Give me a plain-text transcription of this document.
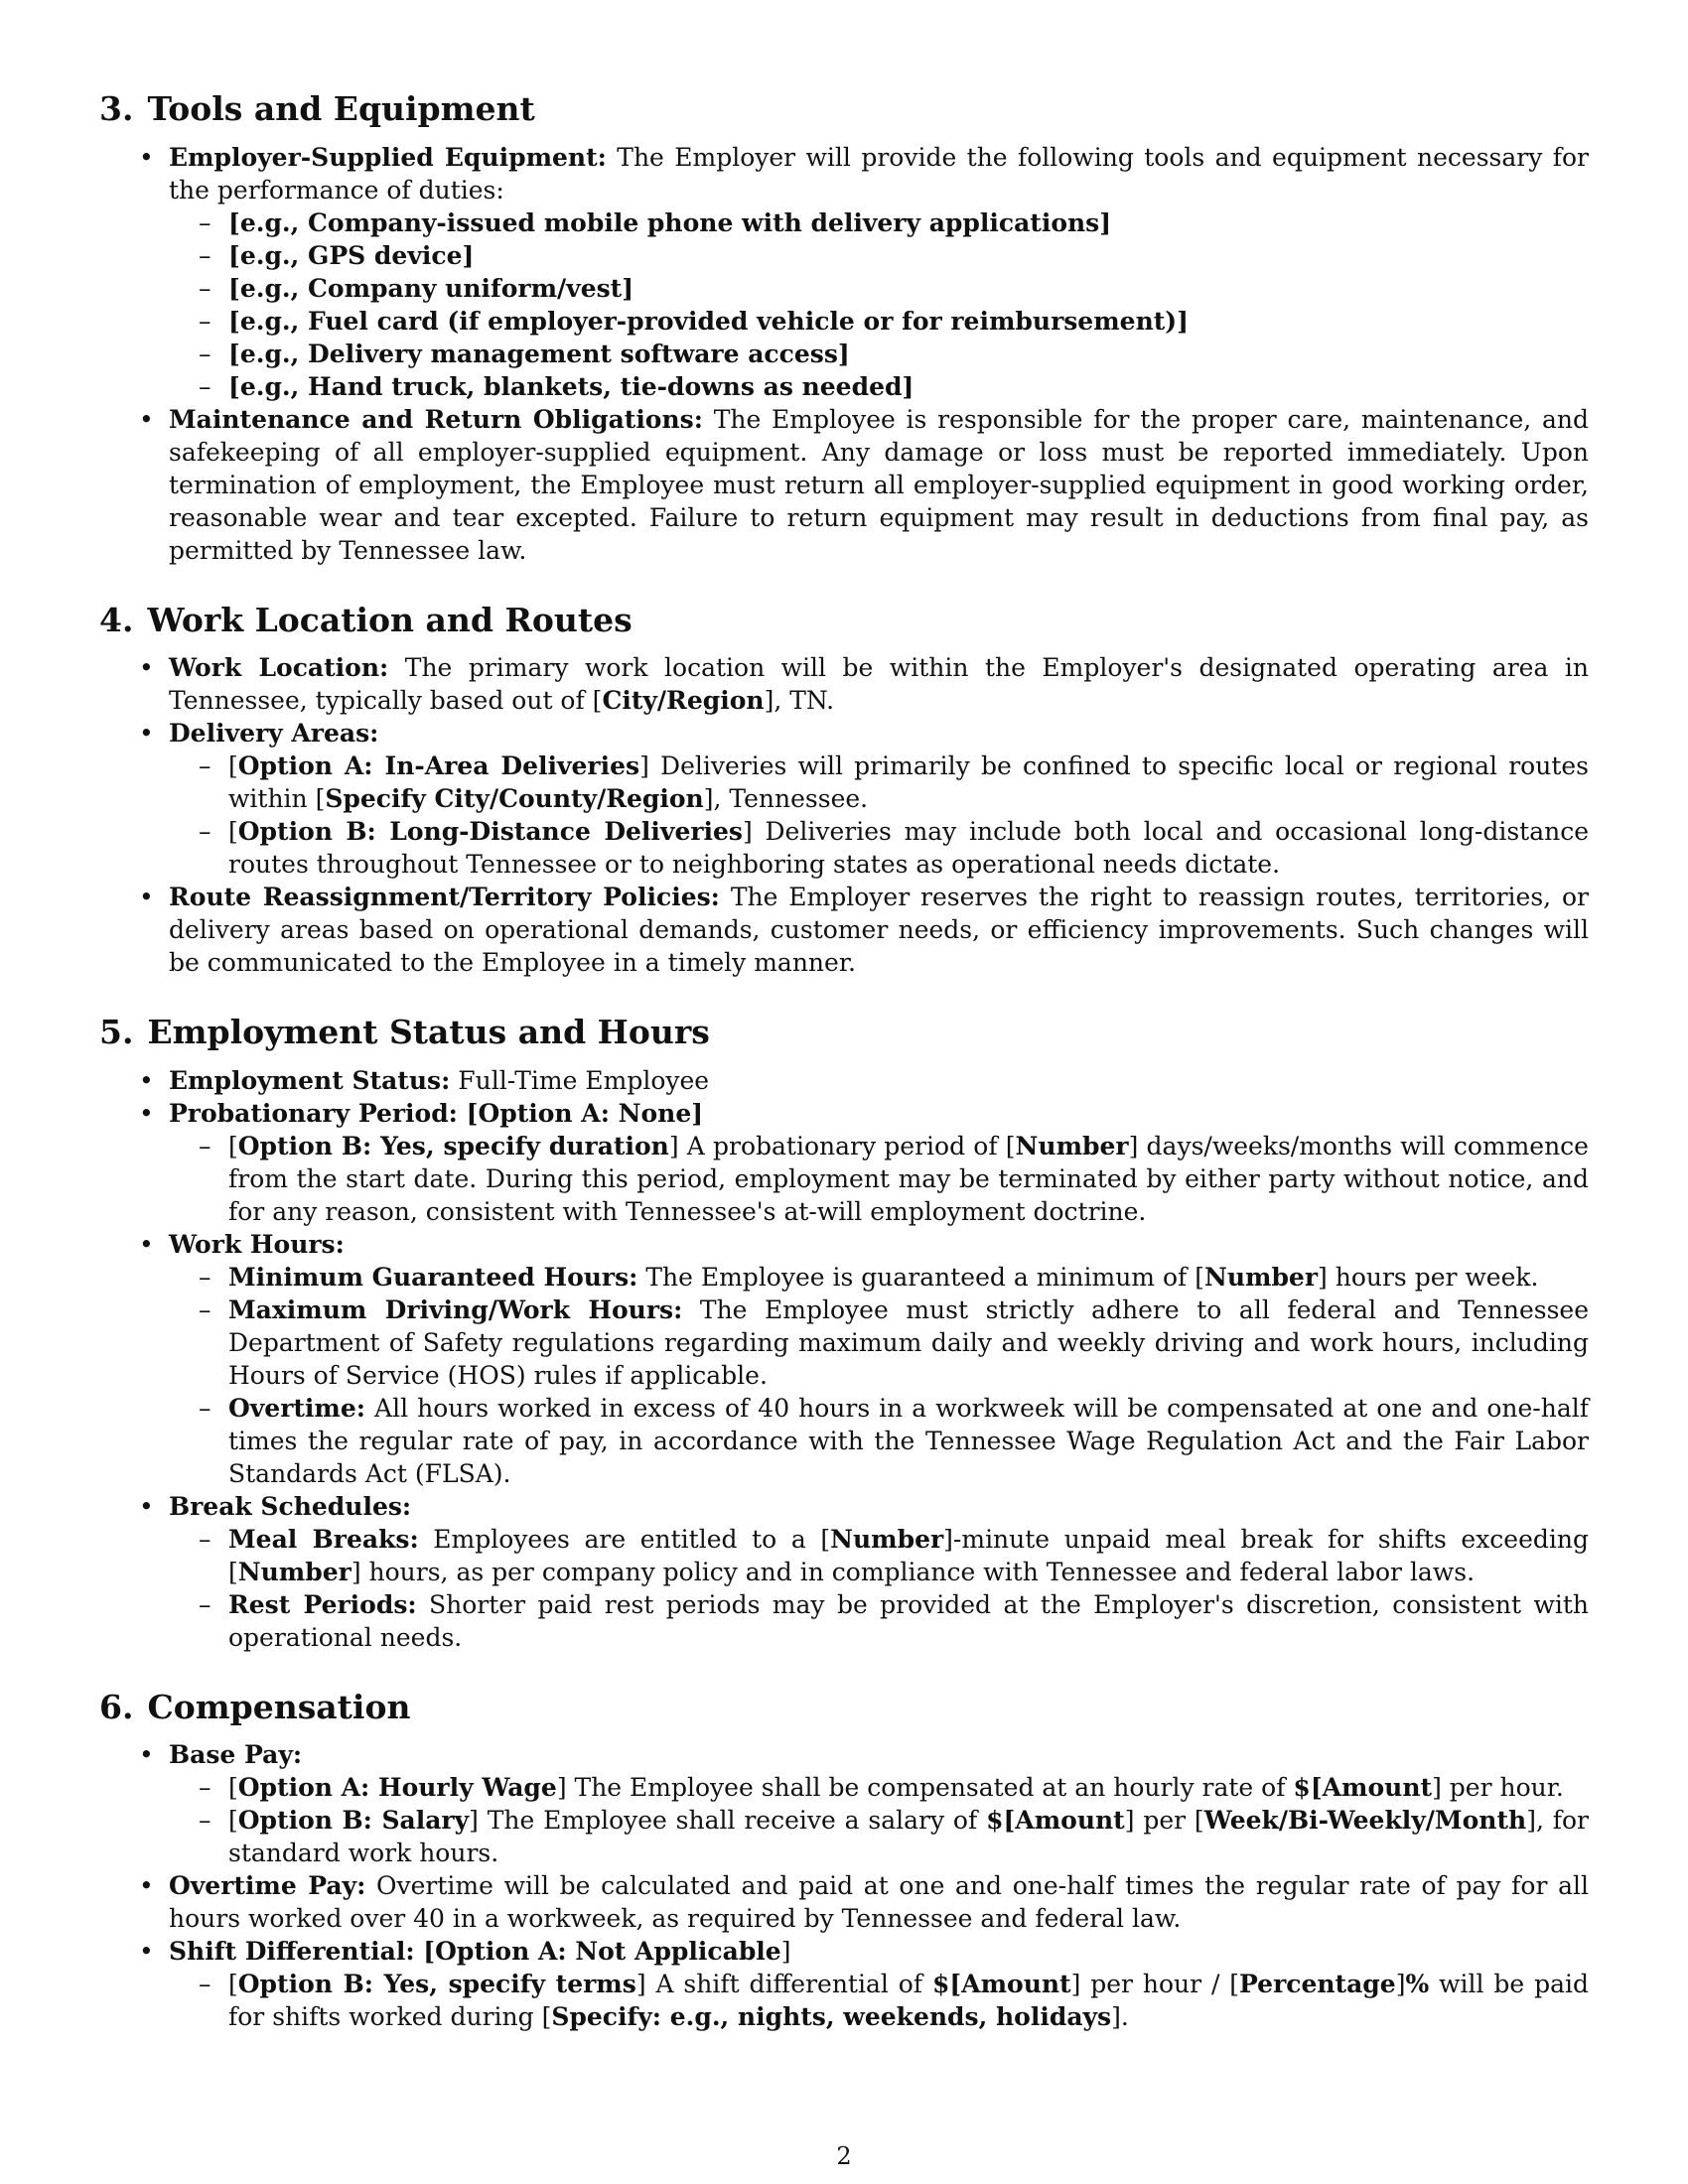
3. Tools and Equipment
• Employer-Supplied Equipment: The Employer will provide the following tools and equipment necessary for the performance of duties:
– [e.g., Company-issued mobile phone with delivery applications]
– [e.g., GPS device]
– [e.g., Company uniform/vest]
– [e.g., Fuel card (if employer-provided vehicle or for reimbursement)]
– [e.g., Delivery management software access]
– [e.g., Hand truck, blankets, tie-downs as needed]
• Maintenance and Return Obligations: The Employee is responsible for the proper care, maintenance, and safekeeping of all employer-supplied equipment. Any damage or loss must be reported immediately. Upon termination of employment, the Employee must return all employer-supplied equipment in good working order, reasonable wear and tear excepted. Failure to return equipment may result in deductions from final pay, as permitted by Tennessee law.
4. Work Location and Routes
• Work Location: The primary work location will be within the Employer's designated operating area in Tennessee, typically based out of [City/Region], TN.
• Delivery Areas:
– [Option A: In-Area Deliveries] Deliveries will primarily be confined to specific local or regional routes within [Specify City/County/Region], Tennessee.
– [Option B: Long-Distance Deliveries] Deliveries may include both local and occasional long-distance routes throughout Tennessee or to neighboring states as operational needs dictate.
• Route Reassignment/Territory Policies: The Employer reserves the right to reassign routes, territories, or delivery areas based on operational demands, customer needs, or efficiency improvements. Such changes will be communicated to the Employee in a timely manner.
5. Employment Status and Hours
• Employment Status: Full-Time Employee
• Probationary Period: [Option A: None]
– [Option B: Yes, specify duration] A probationary period of [Number] days/weeks/months will commence from the start date. During this period, employment may be terminated by either party without notice, and for any reason, consistent with Tennessee's at-will employment doctrine.
• Work Hours:
– Minimum Guaranteed Hours: The Employee is guaranteed a minimum of [Number] hours per week.
– Maximum Driving/Work Hours: The Employee must strictly adhere to all federal and Tennessee Department of Safety regulations regarding maximum daily and weekly driving and work hours, including Hours of Service (HOS) rules if applicable.
– Overtime: All hours worked in excess of 40 hours in a workweek will be compensated at one and one-half times the regular rate of pay, in accordance with the Tennessee Wage Regulation Act and the Fair Labor Standards Act (FLSA).
• Break Schedules:
– Meal Breaks: Employees are entitled to a [Number]-minute unpaid meal break for shifts exceeding [Number] hours, as per company policy and in compliance with Tennessee and federal labor laws.
– Rest Periods: Shorter paid rest periods may be provided at the Employer's discretion, consistent with operational needs.
6. Compensation
• Base Pay:
– [Option A: Hourly Wage] The Employee shall be compensated at an hourly rate of $[Amount] per hour.
– [Option B: Salary] The Employee shall receive a salary of $[Amount] per [Week/Bi-Weekly/Month], for standard work hours.
• Overtime Pay: Overtime will be calculated and paid at one and one-half times the regular rate of pay for all hours worked over 40 in a workweek, as required by Tennessee and federal law.
• Shift Differential: [Option A: Not Applicable]
– [Option B: Yes, specify terms] A shift differential of $[Amount] per hour / [Percentage]% will be paid for shifts worked during [Specify: e.g., nights, weekends, holidays].
2
